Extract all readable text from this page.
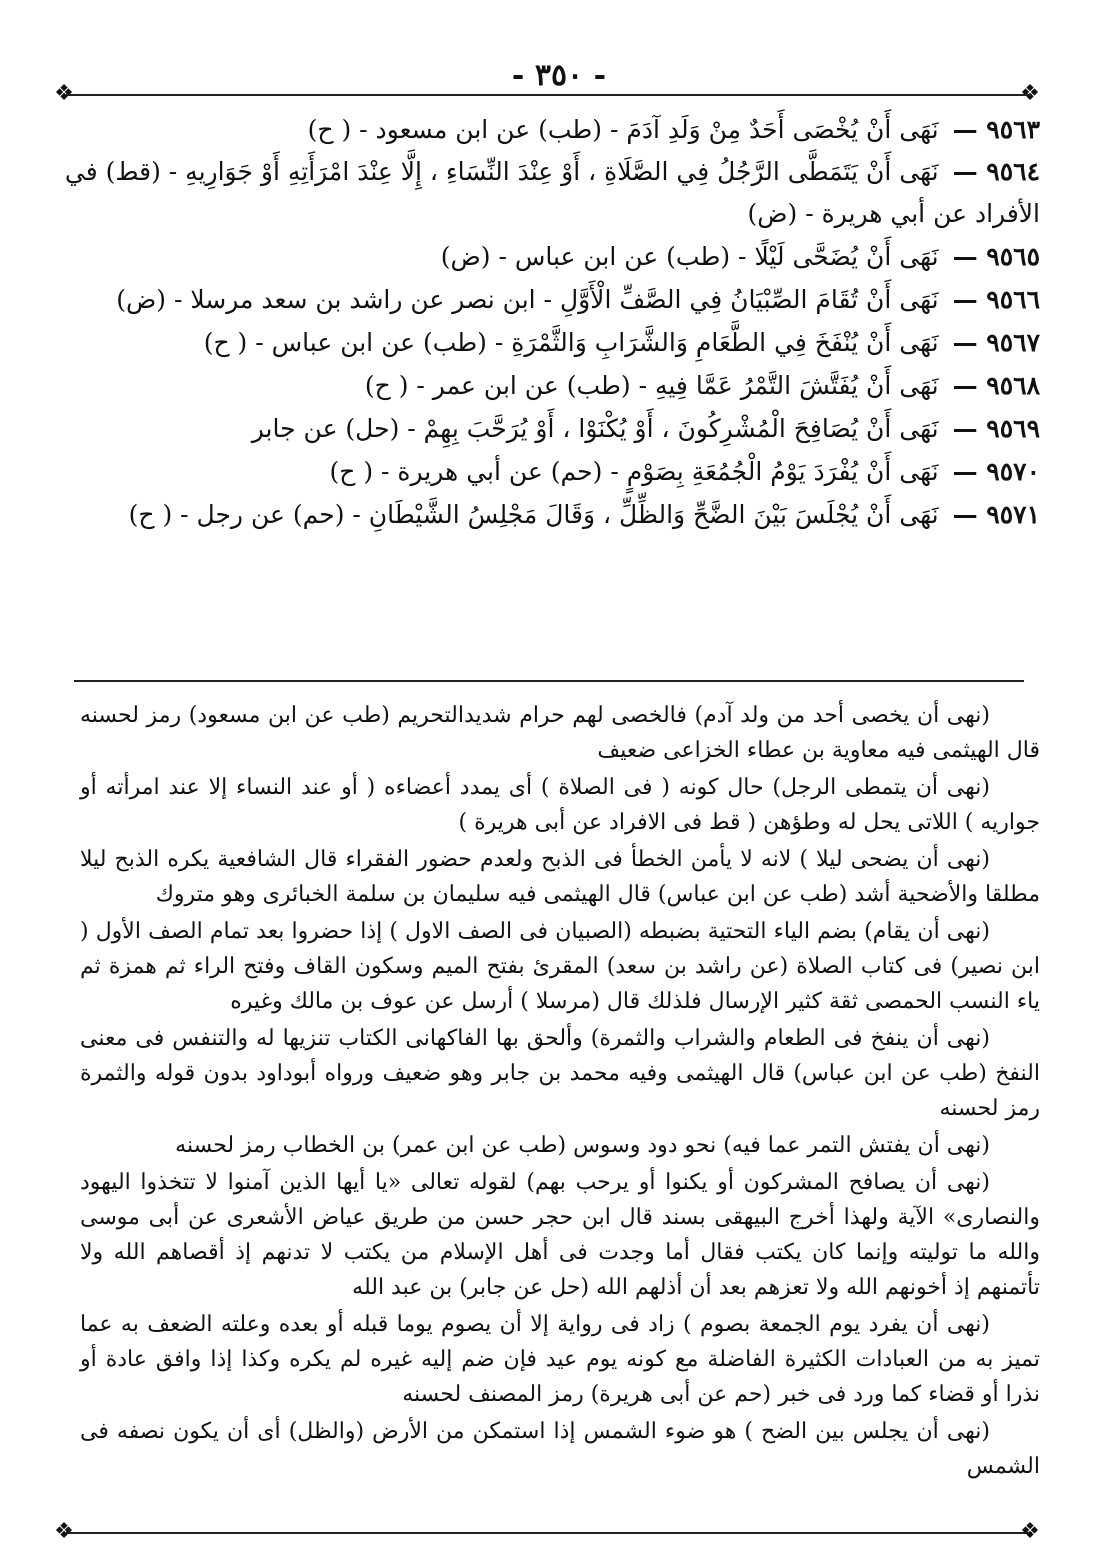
- ٣٥٠ -
❖	❖
٩٥٦٣ — نَهَى أَنْ يُخْصَى أَحَدٌ مِنْ وَلَدِ آدَمَ - (طب) عن ابن مسعود - ( ح)
٩٥٦٤ — نَهَى أَنْ يَتَمَطَّى الرَّجُلُ فِي الصَّلَاةِ ، أَوْ عِنْدَ النِّسَاءِ ، إِلَّا عِنْدَ امْرَأَتِهِ أَوْ جَوَارِيهِ - (قط) في الأفراد عن أبي هريرة - (ض)
٩٥٦٥ — نَهَى أَنْ يُضَحَّى لَيْلًا - (طب) عن ابن عباس - (ض)
٩٥٦٦ — نَهَى أَنْ تُقَامَ الصِّبْيَانُ فِي الصَّفِّ الْأَوَّلِ - ابن نصر عن راشد بن سعد مرسلا - (ض)
٩٥٦٧ — نَهَى أَنْ يُنْفَخَ فِي الطَّعَامِ وَالشَّرَابِ وَالثَّمْرَةِ - (طب) عن ابن عباس - ( ح)
٩٥٦٨ — نَهَى أَنْ يُفَتَّشَ التَّمْرُ عَمَّا فِيهِ - (طب) عن ابن عمر - ( ح)
٩٥٦٩ — نَهَى أَنْ يُصَافِحَ الْمُشْرِكُونَ ، أَوْ يُكْنَوْا ، أَوْ يُرَحَّبَ بِهِمْ - (حل) عن جابر
٩٥٧٠ — نَهَى أَنْ يُفْرَدَ يَوْمُ الْجُمُعَةِ بِصَوْمٍ - (حم) عن أبي هريرة - ( ح)
٩٥٧١ — نَهَى أَنْ يُجْلَسَ بَيْنَ الضَّحِّ وَالظِّلِّ ، وَقَالَ مَجْلِسُ الشَّيْطَانِ - (حم) عن رجل - ( ح)

(نهى أن يخصى أحد من ولد آدم) فالخصى لهم حرام شديدالتحريم (طب عن ابن مسعود) رمز لحسنه قال الهيثمى فيه معاوية بن عطاء الخزاعى ضعيف

(نهى أن يتمطى الرجل) حال كونه ( فى الصلاة ) أى يمدد أعضاءه ( أو عند النساء إلا عند امرأته أو جواريه ) اللاتى يحل له وطؤهن ( قط فى الافراد عن أبى هريرة )

(نهى أن يضحى ليلا ) لانه لا يأمن الخطأ فى الذبح ولعدم حضور الفقراء قال الشافعية يكره الذبح ليلا مطلقا والأضحية أشد (طب عن ابن عباس) قال الهيثمى فيه سليمان بن سلمة الخبائرى وهو متروك

(نهى أن يقام) بضم الياء التحتية بضبطه (الصبيان فى الصف الاول ) إذا حضروا بعد تمام الصف الأول ( ابن نصير) فى كتاب الصلاة (عن راشد بن سعد) المقرئ بفتح الميم وسكون القاف وفتح الراء ثم همزة ثم ياء النسب الحمصى ثقة كثير الإرسال فلذلك قال (مرسلا ) أرسل عن عوف بن مالك وغيره

(نهى أن ينفخ فى الطعام والشراب والثمرة) وألحق بها الفاكهانى الكتاب تنزيها له والتنفس فى معنى النفخ (طب عن ابن عباس) قال الهيثمى وفيه محمد بن جابر وهو ضعيف ورواه أبوداود بدون قوله والثمرة رمز لحسنه

(نهى أن يفتش التمر عما فيه) نحو دود وسوس (طب عن ابن عمر) بن الخطاب رمز لحسنه

(نهى أن يصافح المشركون أو يكنوا أو يرحب بهم) لقوله تعالى «يا أيها الذين آمنوا لا تتخذوا اليهود والنصارى» الآية ولهذا أخرج البيهقى بسند قال ابن حجر حسن من طريق عياض الأشعرى عن أبى موسى والله ما توليته وإنما كان يكتب فقال أما وجدت فى أهل الإسلام من يكتب لا تدنهم إذ أقصاهم الله ولا تأتمنهم إذ أخونهم الله ولا تعزهم بعد أن أذلهم الله (حل عن جابر) بن عبد الله

(نهى أن يفرد يوم الجمعة بصوم ) زاد فى رواية إلا أن يصوم يوما قبله أو بعده وعلته الضعف به عما تميز به من العبادات الكثيرة الفاضلة مع كونه يوم عيد فإن ضم إليه غيره لم يكره وكذا إذا وافق عادة أو نذرا أو قضاء كما ورد فى خبر (حم عن أبى هريرة) رمز المصنف لحسنه

(نهى أن يجلس بين الضح ) هو ضوء الشمس إذا استمكن من الأرض (والظل) أى أن يكون نصفه فى الشمس

❖	❖
